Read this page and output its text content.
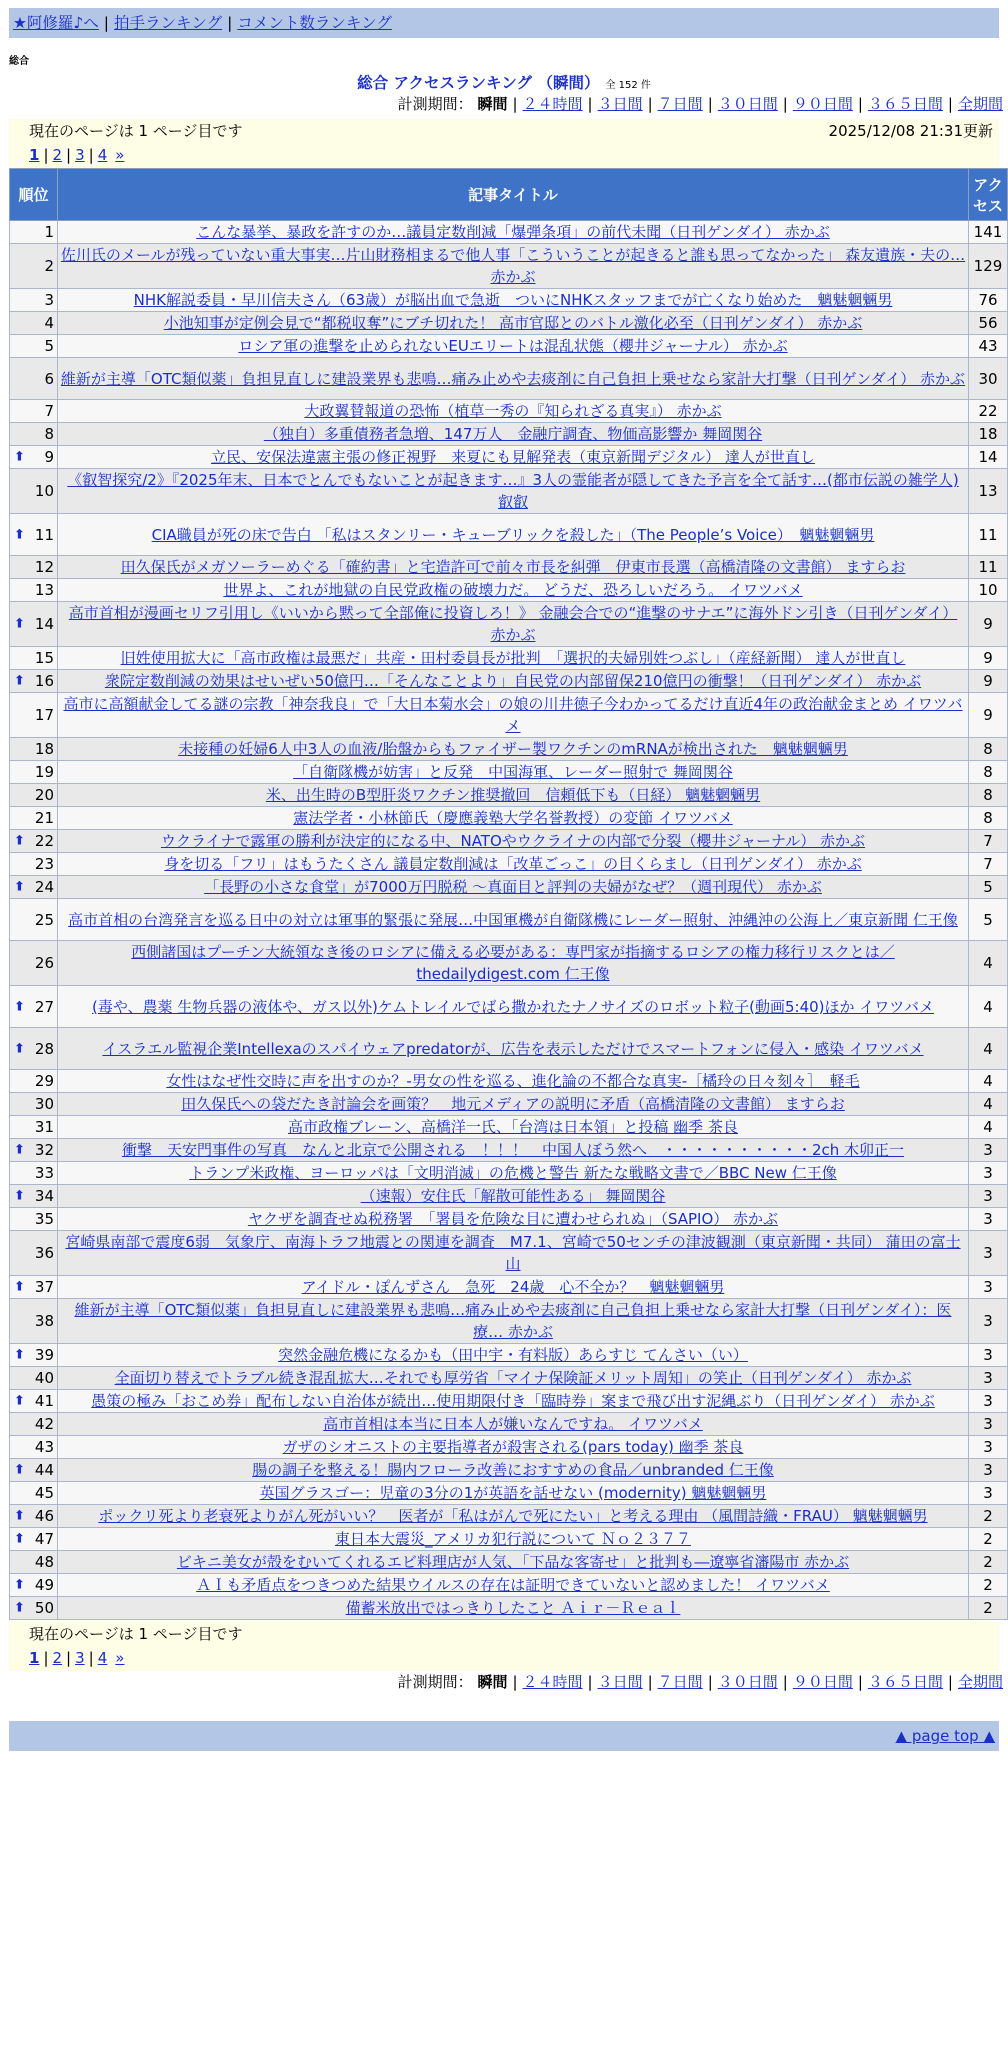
★阿修羅♪へ | 拍手ランキング | コメント数ランキング
総合
総合 アクセスランキング （瞬間） 全 152 件
計測期間： 瞬間 | ２４時間 | ３日間 | ７日間 | ３０日間 | ９０日間 | ３６５日間 | 全期間
現在のページは 1 ページ目です	2025/12/08 21:31更新
1 | 2 | 3 | 4 »
順位	記事タイトル	アクセス
1	こんな暴挙、暴政を許すのか…議員定数削減「爆弾条項」の前代未聞（日刊ゲンダイ） 赤かぶ	141
2	佐川氏のメールが残っていない重大事実…片山財務相まるで他人事「こういうことが起きると誰も思ってなかった」 森友遺族・夫の… 赤かぶ	129
3	NHK解説委員・早川信夫さん（63歳）が脳出血で急逝　ついにNHKスタッフまでが亡くなり始めた　魑魅魍魎男	76
4	小池知事が定例会見で“都税収奪”にブチ切れた！ 高市官邸とのバトル激化必至（日刊ゲンダイ） 赤かぶ	56
5	ロシア軍の進撃を止められないEUエリートは混乱状態（櫻井ジャーナル） 赤かぶ	43
6	維新が主導「OTC類似薬」負担見直しに建設業界も悲鳴…痛み止めや去痰剤に自己負担上乗せなら家計大打撃（日刊ゲンダイ） 赤かぶ	30
7	大政翼賛報道の恐怖（植草一秀の『知られざる真実』） 赤かぶ	22
8	（独自）多重債務者急増、147万人　金融庁調査、物価高影響か 舞岡関谷	18

⬆ 9	立民、安保法違憲主張の修正視野　来夏にも見解発表（東京新聞デジタル） 達人が世直し	14
10	《叡智探究/2》『2025年末、日本でとんでもないことが起きます…』3人の霊能者が隠してきた予言を全て話す…(都市伝説の雑学人) 叡叡	13

⬆ 11	CIA職員が死の床で告白 「私はスタンリー・キューブリックを殺した」（The People’s Voice）　魑魅魍魎男	11
12	田久保氏がメガソーラーめぐる「確約書」と宅造許可で前々市長を糾弾　伊東市長選（高橋清隆の文書館） ますらお	11
13	世界よ、これが地獄の自民党政権の破壊力だ。 どうだ、恐ろしいだろう。 イワツバメ	10

⬆ 14	高市首相が漫画セリフ引用し《いいから黙って全部俺に投資しろ！》 金融会合での“進撃のサナエ”に海外ドン引き（日刊ゲンダイ） 赤かぶ	9
15	旧姓使用拡大に「高市政権は最悪だ」共産・田村委員長が批判　「選択的夫婦別姓つぶし」（産経新聞） 達人が世直し	9

⬆ 16	衆院定数削減の効果はせいぜい50億円…「そんなことより」自民党の内部留保210億円の衝撃！（日刊ゲンダイ） 赤かぶ	9
17	高市に高額献金してる謎の宗教「神奈我良」で「大日本菊水会」の娘の川井徳子今わかってるだけ直近4年の政治献金まとめ イワツバメ	9
18	未接種の妊婦6人中3人の血液/胎盤からもファイザー製ワクチンのmRNAが検出された　魑魅魍魎男	8
19	「自衛隊機が妨害」と反発　中国海軍、レーダー照射で 舞岡関谷	8
20	米、出生時のB型肝炎ワクチン推奨撤回　信頼低下も（日経） 魑魅魍魎男	8
21	憲法学者・小林節氏（慶應義塾大学名誉教授）の変節 イワツバメ	8

⬆ 22	ウクライナで露軍の勝利が決定的になる中、NATOやウクライナの内部で分裂（櫻井ジャーナル） 赤かぶ	7
23	身を切る「フリ」はもうたくさん 議員定数削減は「改革ごっこ」の目くらまし（日刊ゲンダイ） 赤かぶ	7

⬆ 24	「長野の小さな食堂」が7000万円脱税 ～真面目と評判の夫婦がなぜ？（週刊現代） 赤かぶ	5
25	高市首相の台湾発言を巡る日中の対立は軍事的緊張に発展…中国軍機が自衛隊機にレーダー照射、沖縄沖の公海上／東京新聞 仁王像	5
26	西側諸国はプーチン大統領なき後のロシアに備える必要がある：専門家が指摘するロシアの権力移行リスクとは／thedailydigest.com 仁王像	4

⬆ 27	(毒や、農薬 生物兵器の液体や、ガス以外)ケムトレイルでばら撒かれたナノサイズのロボット粒子(動画5:40)ほか イワツバメ	4

⬆ 28	イスラエル監視企業Intellexaのスパイウェアpredatorが、広告を表示しただけでスマートフォンに侵入・感染 イワツバメ	4
29	女性はなぜ性交時に声を出すのか？-男女の性を巡る、進化論の不都合な真実-［橘玲の日々刻々］　軽毛	4
30	田久保氏への袋だたき討論会を画策？　地元メディアの説明に矛盾（高橋清隆の文書館） ますらお	4
31	高市政権ブレーン、高橋洋一氏、「台湾は日本領」と投稿 幽季 茶良	4

⬆ 32	衝撃　天安門事件の写真　なんと北京で公開される　！！！　中国人ぼう然へ　・・・・・・・・・・2ch 木卯正一	3
33	トランプ米政権、ヨーロッパは「文明消滅」の危機と警告 新たな戦略文書で／BBC New 仁王像	3

⬆ 34	（速報）安住氏「解散可能性ある」 舞岡関谷	3
35	ヤクザを調査せぬ税務署　「署員を危険な目に遭わせられぬ」（SAPIO） 赤かぶ	3
36	宮崎県南部で震度6弱　気象庁、南海トラフ地震との関連を調査　M7.1、宮崎で50センチの津波観測（東京新聞・共同） 蒲田の富士山	3

⬆ 37	アイドル・ぽんずさん　急死　24歳　心不全か？　魑魅魍魎男	3
38	維新が主導「OTC類似薬」負担見直しに建設業界も悲鳴…痛み止めや去痰剤に自己負担上乗せなら家計大打撃（日刊ゲンダイ）：医療… 赤かぶ	3

⬆ 39	突然金融危機になるかも（田中宇・有料版）あらすじ てんさい（い）	3
40	全面切り替えでトラブル続き混乱拡大…それでも厚労省「マイナ保険証メリット周知」の笑止（日刊ゲンダイ） 赤かぶ	3

⬆ 41	愚策の極み「おこめ券」配布しない自治体が続出…使用期限付き「臨時券」案まで飛び出す泥縄ぶり（日刊ゲンダイ） 赤かぶ	3
42	高市首相は本当に日本人が嫌いなんですね。 イワツバメ	3
43	ガザのシオニストの主要指導者が殺害される(pars today) 幽季 茶良	3

⬆ 44	腸の調子を整える！腸内フローラ改善におすすめの食品／unbranded 仁王像	3
45	英国グラスゴー：児童の3分の1が英語を話せない (modernity) 魑魅魍魎男	3

⬆ 46	ポックリ死より老衰死よりがん死がいい？　医者が「私はがんで死にたい」と考える理由 （風間詩織・FRAU） 魑魅魍魎男	2

⬆ 47	東日本大震災_アメリカ犯行説について Ｎｏ２３７７	2
48	ビキニ美女が殻をむいてくれるエビ料理店が人気、「下品な客寄せ」と批判も―遼寧省瀋陽市 赤かぶ	2

⬆ 49	ＡＩも矛盾点をつきつめた結果ウイルスの存在は証明できていないと認めました！ イワツバメ	2

⬆ 50	備蓄米放出ではっきりしたこと Ａｉｒ－Ｒｅａｌ	2
現在のページは 1 ページ目です
1 | 2 | 3 | 4 »
計測期間： 瞬間 | ２４時間 | ３日間 | ７日間 | ３０日間 | ９０日間 | ３６５日間 | 全期間
▲ page top ▲
